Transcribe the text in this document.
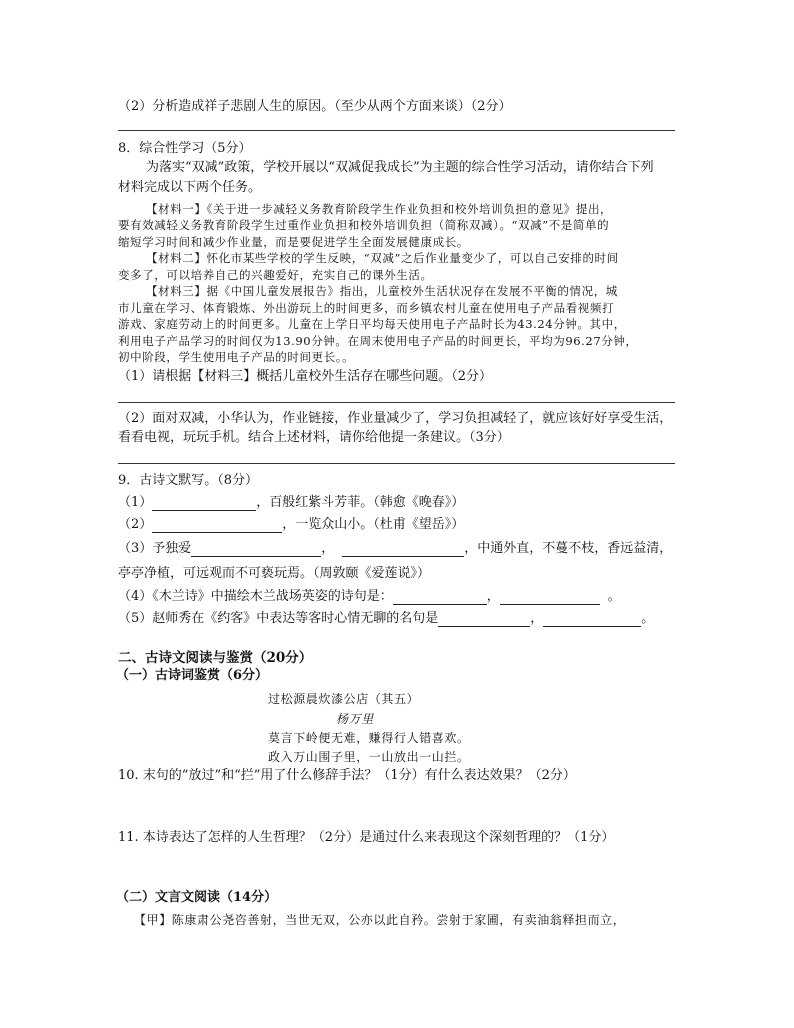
（2）分析造成祥子悲剧人生的原因。（至少从两个方面来谈）（2分）
8．综合性学习（5分）
为落实“双减”政策，学校开展以“双减促我成长”为主题的综合性学习活动，请你结合下列
材料完成以下两个任务。
【材料一】《关于进一步减轻义务教育阶段学生作业负担和校外培训负担的意见》提出，
要有效减轻义务教育阶段学生过重作业负担和校外培训负担（简称双减）。“双减”不是简单的
缩短学习时间和减少作业量，而是要促进学生全面发展健康成长。
【材料二】怀化市某些学校的学生反映，“双减”之后作业量变少了，可以自己安排的时间
变多了，可以培养自己的兴趣爱好，充实自己的课外生活。
【材料三】据《中国儿童发展报告》指出，儿童校外生活状况存在发展不平衡的情况，城
市儿童在学习、体育锻炼、外出游玩上的时间更多，而乡镇农村儿童在使用电子产品看视频打
游戏、家庭劳动上的时间更多。儿童在上学日平均每天使用电子产品时长为43.24分钟。其中，
利用电子产品学习的时间仅为13.90分钟。在周末使用电子产品的时间更长，平均为96.27分钟，
初中阶段，学生使用电子产品的时间更长。。
（1）请根据【材料三】概括儿童校外生活存在哪些问题。（2分）
（2）面对双减，小华认为，作业链接，作业量减少了，学习负担减轻了，就应该好好享受生活，
看看电视，玩玩手机。结合上述材料，请你给他提一条建议。（3分）
9．古诗文默写。（8分）
（1）	，百般红紫斗芳菲。（韩愈《晚春》）
（2）	，一览众山小。（杜甫《望岳》）
（3）予独爱	，	，中通外直，不蔓不枝，香远益清，
亭亭净植，可远观而不可亵玩焉。（周敦颐《爱莲说》）
（4）《木兰诗》中描绘木兰战场英姿的诗句是：	，	。
（5）赵师秀在《约客》中表达等客时心情无聊的名句是	，	。
二、古诗文阅读与鉴赏（20分）
（一）古诗词鉴赏（6分）
过松源晨炊漆公店（其五）
杨万里
莫言下岭便无难，赚得行人错喜欢。
政入万山围子里，一山放出一山拦。
10. 末句的“放过”和“拦”用了什么修辞手法？（1分）有什么表达效果？（2分）
11. 本诗表达了怎样的人生哲理？（2分）是通过什么来表现这个深刻哲理的？（1分）
（二）文言文阅读（14分）
【甲】陈康肃公尧咨善射，当世无双，公亦以此自矜。尝射于家圃，有卖油翁释担而立，
